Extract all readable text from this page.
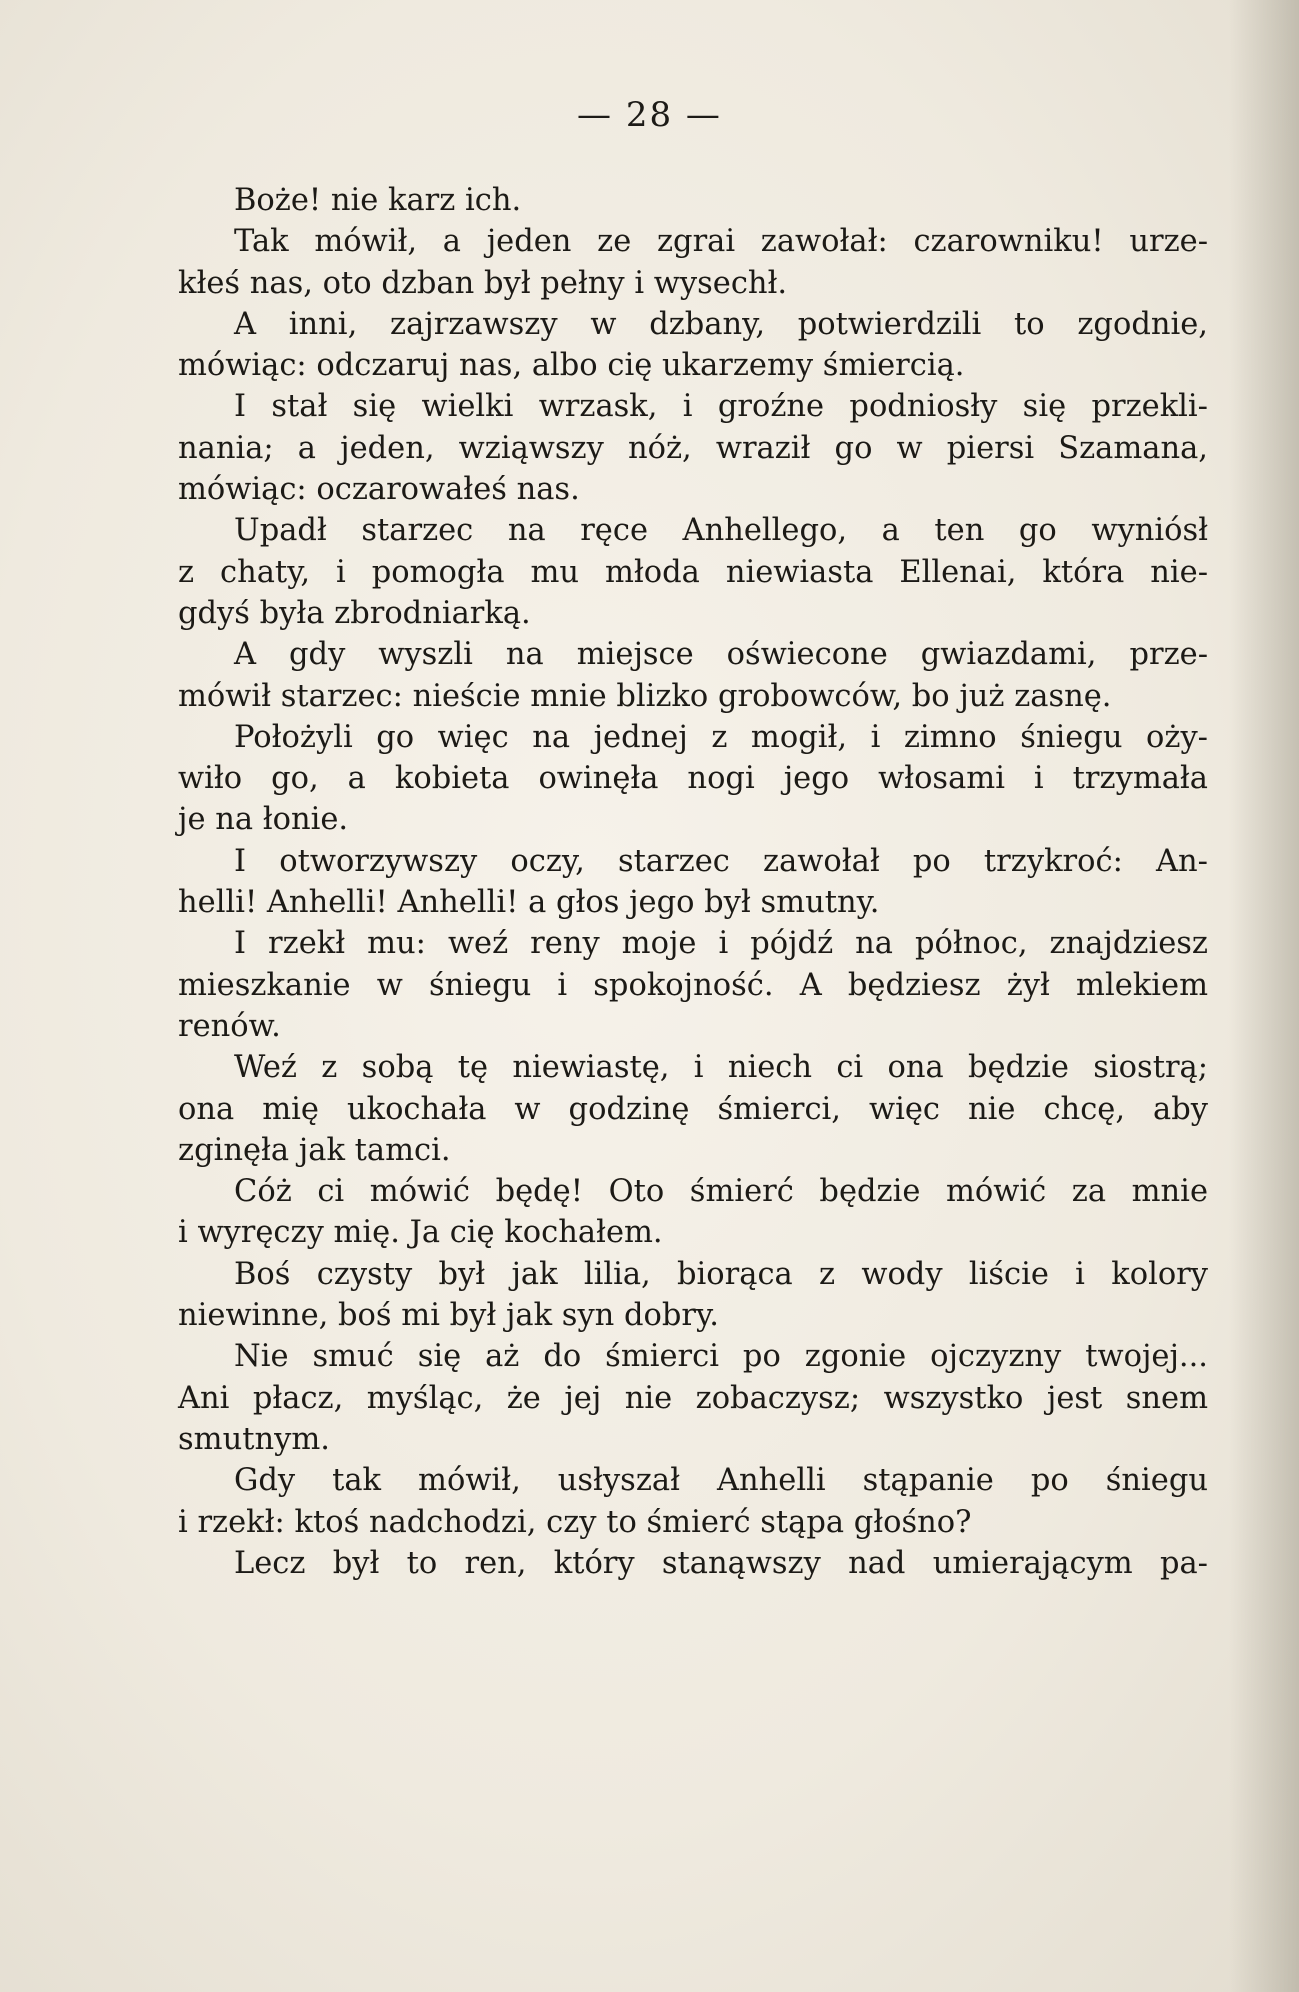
— 28 —

Boże! nie karz ich.

Tak mówił, a jeden ze zgrai zawołał: czarowniku! urze-
kłeś nas, oto dzban był pełny i wysechł.

A inni, zajrzawszy w dzbany, potwierdzili to zgodnie,
mówiąc: odczaruj nas, albo cię ukarzemy śmiercią.

I stał się wielki wrzask, i groźne podniosły się przekli-
nania; a jeden, wziąwszy nóż, wraził go w piersi Szamana,
mówiąc: oczarowałeś nas.

Upadł starzec na ręce Anhellego, a ten go wyniósł
z chaty, i pomogła mu młoda niewiasta Ellenai, która nie-
gdyś była zbrodniarką.

A gdy wyszli na miejsce oświecone gwiazdami, prze-
mówił starzec: nieście mnie blizko grobowców, bo już zasnę.

Położyli go więc na jednej z mogił, i zimno śniegu oży-
wiło go, a kobieta owinęła nogi jego włosami i trzymała
je na łonie.

I otworzywszy oczy, starzec zawołał po trzykroć: An-
helli! Anhelli! Anhelli! a głos jego był smutny.

I rzekł mu: weź reny moje i pójdź na północ, znajdziesz
mieszkanie w śniegu i spokojność. A będziesz żył mlekiem
renów.

Weź z sobą tę niewiastę, i niech ci ona będzie siostrą;
ona mię ukochała w godzinę śmierci, więc nie chcę, aby
zginęła jak tamci.

Cóż ci mówić będę! Oto śmierć będzie mówić za mnie
i wyręczy mię. Ja cię kochałem.

Boś czysty był jak lilia, biorąca z wody liście i kolory
niewinne, boś mi był jak syn dobry.

Nie smuć się aż do śmierci po zgonie ojczyzny twojej...
Ani płacz, myśląc, że jej nie zobaczysz; wszystko jest snem
smutnym.

Gdy tak mówił, usłyszał Anhelli stąpanie po śniegu
i rzekł: ktoś nadchodzi, czy to śmierć stąpa głośno?

Lecz był to ren, który stanąwszy nad umierającym pa-
